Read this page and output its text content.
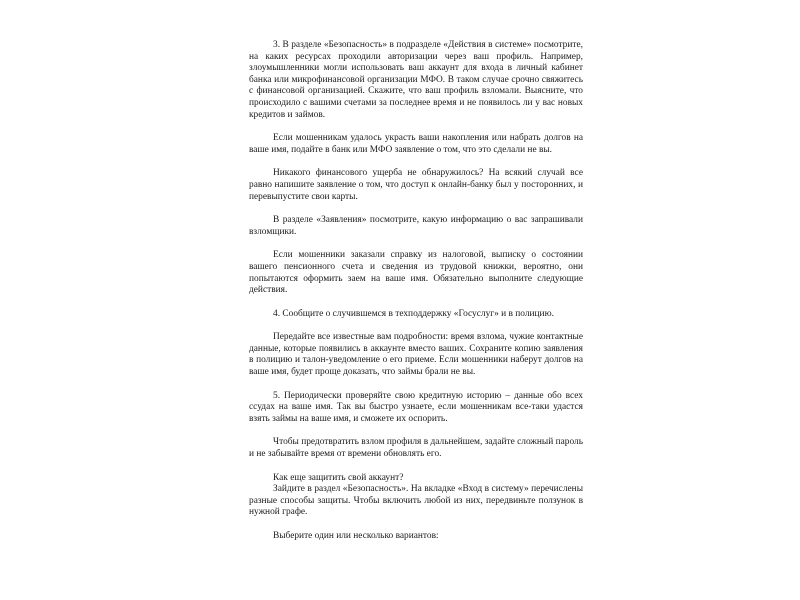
3. В разделе «Безопасность» в подразделе «Действия в системе» посмотрите, на каких ресурсах проходили авторизации через ваш профиль. Например, злоумышленники могли использовать ваш аккаунт для входа в личный кабинет банка или микрофинансовой организации МФО. В таком случае срочно свяжитесь с финансовой организацией. Скажите, что ваш профиль взломали. Выясните, что происходило с вашими счетами за последнее время и не появилось ли у вас новых кредитов и займов.

Если мошенникам удалось украсть ваши накопления или набрать долгов на ваше имя, подайте в банк или МФО заявление о том, что это сделали не вы.

Никакого финансового ущерба не обнаружилось? На всякий случай все равно напишите заявление о том, что доступ к онлайн-банку был у посторонних, и перевыпустите свои карты.

В разделе «Заявления» посмотрите, какую информацию о вас запрашивали взломщики.

Если мошенники заказали справку из налоговой, выписку о состоянии вашего пенсионного счета и сведения из трудовой книжки, вероятно, они попытаются оформить заем на ваше имя. Обязательно выполните следующие действия.

4. Сообщите о случившемся в техподдержку «Госуслуг» и в полицию.

Передайте все известные вам подробности: время взлома, чужие контактные данные, которые появились в аккаунте вместо ваших. Сохраните копию заявления в полицию и талон-уведомление о его приеме. Если мошенники наберут долгов на ваше имя, будет проще доказать, что займы брали не вы.

5. Периодически проверяйте свою кредитную историю – данные обо всех ссудах на ваше имя. Так вы быстро узнаете, если мошенникам все-таки удастся взять займы на ваше имя, и сможете их оспорить.

Чтобы предотвратить взлом профиля в дальнейшем, задайте сложный пароль и не забывайте время от времени обновлять его.

Как еще защитить свой аккаунт?

Зайдите в раздел «Безопасность». На вкладке «Вход в систему» перечислены разные способы защиты. Чтобы включить любой из них, передвиньте ползунок в нужной графе.

Выберите один или несколько вариантов:
